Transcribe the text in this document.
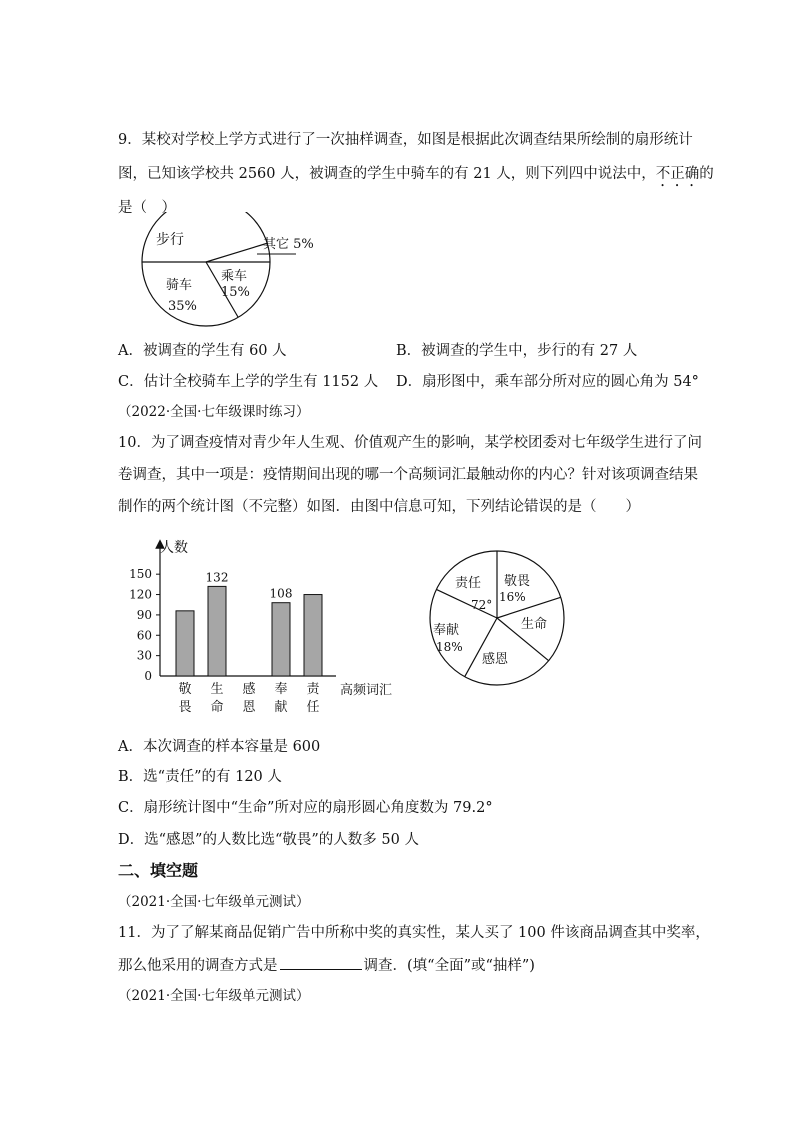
9．某校对学校上学方式进行了一次抽样调查，如图是根据此次调查结果所绘制的扇形统计
图，已知该学校共 2560 人，被调查的学生中骑车的有 21 人，则下列四中说法中，不正确的
是（　）
步行	其它 5%
乘车
15%
骑车
35%
A．被调查的学生有 60 人	B．被调查的学生中，步行的有 27 人
C．估计全校骑车上学的学生有 1152 人 D．扇形图中，乘车部分所对应的圆心角为 54°
（2022·全国·七年级课时练习）
10．为了调查疫情对青少年人生观、价值观产生的影响，某学校团委对七年级学生进行了问
卷调查，其中一项是：疫情期间出现的哪一个高频词汇最触动你的内心？针对该项调查结果
制作的两个统计图（不完整）如图．由图中信息可知，下列结论错误的是（　　）
人数
高频词汇
0
30
60
90
120
150
敬
畏
132
生
命
感
恩
108
奉
献
责
任
责任
72°
敬畏
16%
生命
奉献
18%
感恩
A．本次调查的样本容量是 600
B．选“责任”的有 120 人
C．扇形统计图中“生命”所对应的扇形圆心角度数为 79.2°
D．选“感恩”的人数比选“敬畏”的人数多 50 人
二、填空题
（2021·全国·七年级单元测试）
11．为了了解某商品促销广告中所称中奖的真实性，某人买了 100 件该商品调查其中奖率，
那么他采用的调查方式是	调查．(填“全面”或“抽样”)
（2021·全国·七年级单元测试）
